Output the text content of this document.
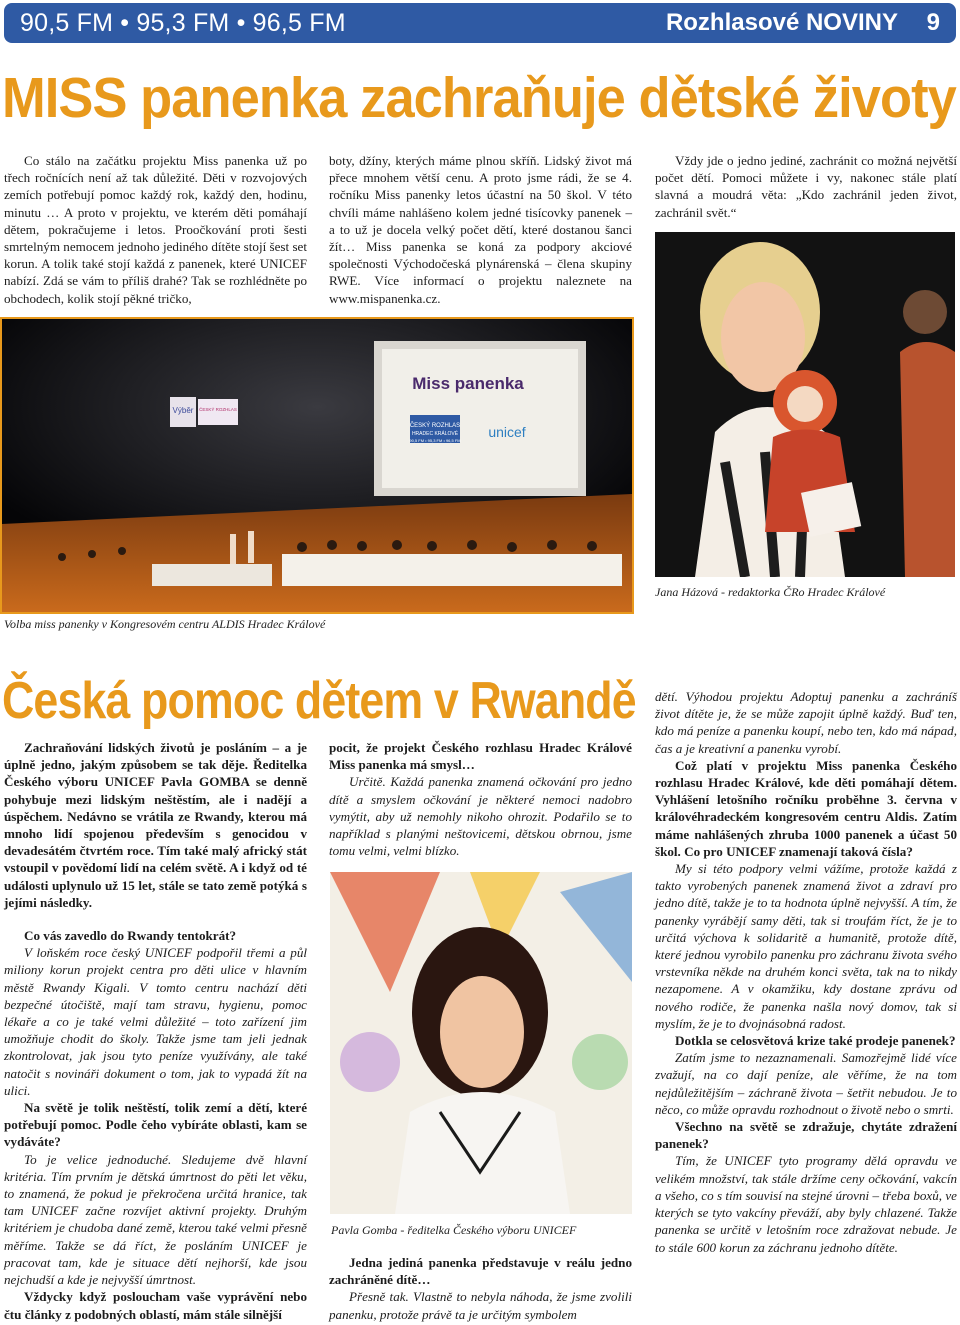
90,5 FM • 95,3 FM • 96,5 FM	Rozhlasové NOVINY 9
MISS panenka zachraňuje dětské životy

Co stálo na začátku projektu Miss panenka už po třech ročnících není až tak důležité. Děti v rozvojových zemích potřebují pomoc každý rok, každý den, hodinu, minutu … A proto v projektu, ve kterém děti pomáhají dětem, pokračujeme i letos. Proočkování proti šesti smrtelným nemocem jednoho jediného dítěte stojí šest set korun. A tolik také stojí každá z panenek, které UNICEF nabízí. Zdá se vám to příliš drahé? Tak se rozhlédněte po obchodech, kolik stojí pěkné tričko,

boty, džíny, kterých máme plnou skříň. Lidský život má přece mnohem větší cenu. A proto jsme rádi, že se 4. ročníku Miss panenky letos účastní na 50 škol. V této chvíli máme nahlášeno kolem jedné tisícovky panenek – a to už je docela velký počet dětí, které dostanou šanci žít… Miss panenka se koná za podpory akciové společnosti Východočeská plynárenská – člena skupiny RWE. Více informací o projektu naleznete na www.mispanenka.cz.

Vždy jde o jedno jediné, zachránit co možná největší počet dětí. Pomoci můžete i vy, nakonec stále platí slavná a moudrá věta: „Kdo zachránil jeden život, zachránil svět.“

Miss panenka
ČESKÝ ROZHLAS
HRADEC KRÁLOVÉ
90,5 FM • 95,3 FM • 96,5 FM
unicef
Výběr ČESKÝ ROZHLAS
Volba miss panenky v Kongresovém centru ALDIS Hradec Králové
Jana Házová - redaktorka ČRo Hradec Králové
Česká pomoc dětem v Rwandě

Zachraňování lidských životů je posláním – a je úplně jedno, jakým způsobem se tak děje. Ředitelka Českého výboru UNICEF Pavla GOMBA se denně pohybuje mezi lidským neštěstím, ale i nadějí a úspěchem. Nedávno se vrátila ze Rwandy, kterou má mnoho lidí spojenou především s genocidou v devadesátém čtvrtém roce. Tím také malý africký stát vstoupil v povědomí lidí na celém světě. A i když od té události uplynulo už 15 let, stále se tato země potýká s jejími následky.

Co vás zavedlo do Rwandy tentokrát?

V loňském roce český UNICEF podpořil třemi a půl miliony korun projekt centra pro děti ulice v hlavním městě Rwandy Kigali. V tomto centru nachází děti bezpečné útočiště, mají tam stravu, hygienu, pomoc lékaře a co je také velmi důležité – toto zařízení jim umožňuje chodit do školy. Takže jsme tam jeli jednak zkontrolovat, jak jsou tyto peníze využívány, ale také natočit s novináři dokument o tom, jak to vypadá žít na ulici.

Na světě je tolik neštěstí, tolik zemí a dětí, které potřebují pomoc. Podle čeho vybíráte oblasti, kam se vydáváte?

To je velice jednoduché. Sledujeme dvě hlavní kritéria. Tím prvním je dětská úmrtnost do pěti let věku, to znamená, že pokud je překročena určitá hranice, tak tam UNICEF začne rozvíjet aktivní projekty. Druhým kritériem je chudoba dané země, kterou také velmi přesně měříme. Takže se dá říct, že posláním UNICEF je pracovat tam, kde je situace dětí nejhorší, kde jsou nejchudší a kde je nejvyšší úmrtnost.

Vždycky když posloucham vaše vyprávění nebo čtu články z podobných oblastí, mám stále silnější

pocit, že projekt Českého rozhlasu Hradec Králové Miss panenka má smysl…

Určitě. Každá panenka znamená očkování pro jedno dítě a smyslem očkování je některé nemoci nadobro vymýtit, aby už nemohly nikoho ohrozit. Podařilo se to například s planými neštovicemi, dětskou obrnou, jsme tomu velmi, velmi blízko.

Pavla Gomba - ředitelka Českého výboru UNICEF

Jedna jediná panenka představuje v reálu jedno zachráněné dítě…

Přesně tak. Vlastně to nebyla náhoda, že jsme zvolili panenku, protože právě ta je určitým symbolem

dětí. Výhodou projektu Adoptuj panenku a zachráníš život dítěte je, že se může zapojit úplně každý. Buď ten, kdo má peníze a panenku koupí, nebo ten, kdo má nápad, čas a je kreativní a panenku vyrobí.

Což platí v projektu Miss panenka Českého rozhlasu Hradec Králové, kde děti pomáhají dětem. Vyhlášení letošního ročníku proběhne 3. června v královéhradeckém kongresovém centru Aldis. Zatím máme nahlášených zhruba 1000 panenek a účast 50 škol. Co pro UNICEF znamenají taková čísla?

My si této podpory velmi vážíme, protože každá z takto vyrobených panenek znamená život a zdraví pro jedno dítě, takže je to ta hodnota úplně nejvyšší. A tím, že panenky vyrábějí samy děti, tak si troufám říct, že je to určitá výchova k solidaritě a humanitě, protože dítě, které jednou vyrobilo panenku pro záchranu života svého vrstevníka někde na druhém konci světa, tak na to nikdy nezapomene. A v okamžiku, kdy dostane zprávu od nového rodiče, že panenka našla nový domov, tak si myslím, že je to dvojnásobná radost.

Dotkla se celosvětová krize také prodeje panenek?

Zatím jsme to nezaznamenali. Samozřejmě lidé více zvažují, na co dají peníze, ale věříme, že na tom nejdůležitějším – záchraně života – šetřit nebudou. Je to něco, co může opravdu rozhodnout o životě nebo o smrti.

Všechno na světě se zdražuje, chytáte zdražení panenek?

Tím, že UNICEF tyto programy dělá opravdu ve velikém množství, tak stále držíme ceny očkování, vakcín a všeho, co s tím souvisí na stejné úrovni – třeba boxů, ve kterých se tyto vakcíny převáží, aby byly chlazené. Takže panenka se určitě v letošním roce zdražovat nebude. Je to stále 600 korun za záchranu jednoho dítěte.
